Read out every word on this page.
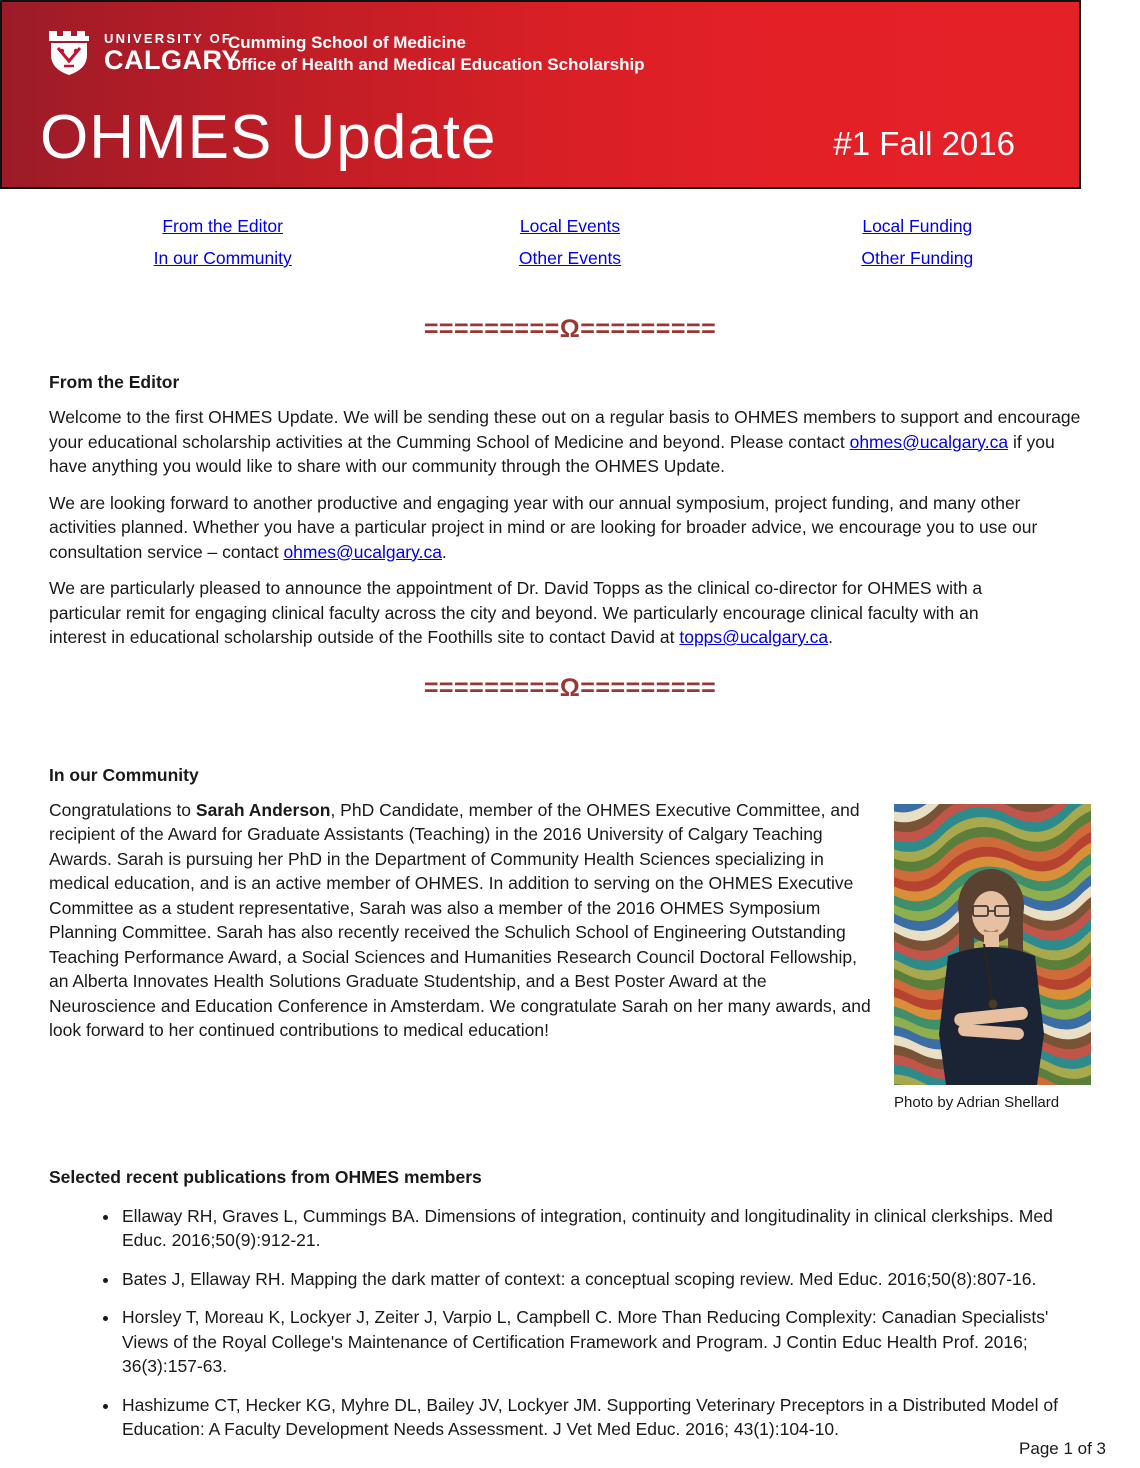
UNIVERSITY OF
CALGARY
Cumming School of Medicine
Office of Health and Medical Education Scholarship
OHMES Update	#1 Fall 2016
From the Editor	Local Events	Local Funding
In our Community	Other Events	Other Funding
=========Ω=========
From the Editor

Welcome to the first OHMES Update. We will be sending these out on a regular basis to OHMES members to support and encourage your educational scholarship activities at the Cumming School of Medicine and beyond. Please contact ohmes@ucalgary.ca if you have anything you would like to share with our community through the OHMES Update.

We are looking forward to another productive and engaging year with our annual symposium, project funding, and many other activities planned. Whether you have a particular project in mind or are looking for broader advice, we encourage you to use our consultation service – contact ohmes@ucalgary.ca.

We are particularly pleased to announce the appointment of Dr. David Topps as the clinical co-director for OHMES with a particular remit for engaging clinical faculty across the city and beyond. We particularly encourage clinical faculty with an interest in educational scholarship outside of the Foothills site to contact David at topps@ucalgary.ca.

=========Ω=========
In our Community
Photo by Adrian Shellard

Congratulations to Sarah Anderson, PhD Candidate, member of the OHMES Executive Committee, and recipient of the Award for Graduate Assistants (Teaching) in the 2016 University of Calgary Teaching Awards. Sarah is pursuing her PhD in the Department of Community Health Sciences specializing in medical education, and is an active member of OHMES. In addition to serving on the OHMES Executive Committee as a student representative, Sarah was also a member of the 2016 OHMES Symposium Planning Committee. Sarah has also recently received the Schulich School of Engineering Outstanding Teaching Performance Award, a Social Sciences and Humanities Research Council Doctoral Fellowship, an Alberta Innovates Health Solutions Graduate Studentship, and a Best Poster Award at the Neuroscience and Education Conference in Amsterdam. We congratulate Sarah on her many awards, and look forward to her continued contributions to medical education!

Selected recent publications from OHMES members
• Ellaway RH, Graves L, Cummings BA. Dimensions of integration, continuity and longitudinality in clinical clerkships. Med Educ. 2016;50(9):912-21.
• Bates J, Ellaway RH. Mapping the dark matter of context: a conceptual scoping review. Med Educ. 2016;50(8):807-16.
• Horsley T, Moreau K, Lockyer J, Zeiter J, Varpio L, Campbell C. More Than Reducing Complexity: Canadian Specialists' Views of the Royal College's Maintenance of Certification Framework and Program. J Contin Educ Health Prof. 2016; 36(3):157-63.
• Hashizume CT, Hecker KG, Myhre DL, Bailey JV, Lockyer JM. Supporting Veterinary Preceptors in a Distributed Model of Education: A Faculty Development Needs Assessment. J Vet Med Educ. 2016; 43(1):104-10.
Page 1 of 3
